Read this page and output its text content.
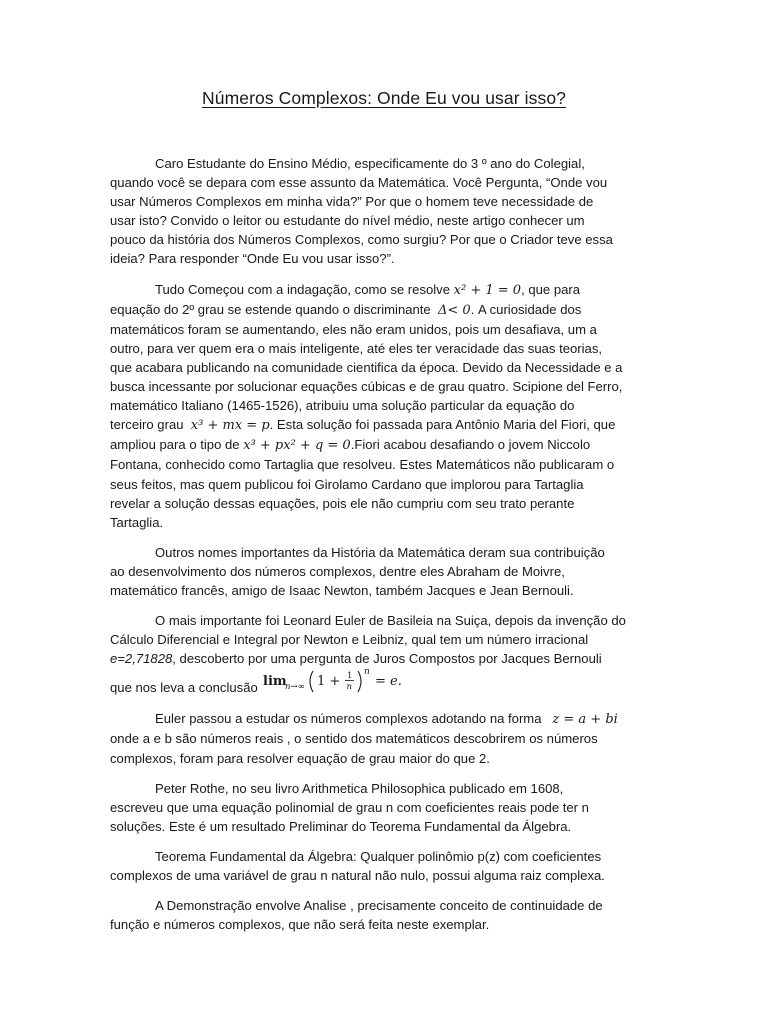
Números Complexos: Onde Eu vou usar isso?
Caro Estudante do Ensino Médio, especificamente do 3 º ano do Colegial,
quando você se depara com esse assunto da Matemática. Você Pergunta, “Onde vou
usar Números Complexos em minha vida?” Por que o homem teve necessidade de
usar isto? Convido o leitor ou estudante do nível médio, neste artigo conhecer um
pouco da história dos Números Complexos, como surgiu? Por que o Criador teve essa
ideia? Para responder “Onde Eu vou usar isso?”.
Tudo Começou com a indagação, como se resolve x² + 1 = 0, que para
equação do 2º grau se estende quando o discriminante Δ< 0. A curiosidade dos
matemáticos foram se aumentando, eles não eram unidos, pois um desafiava, um a
outro, para ver quem era o mais inteligente, até eles ter veracidade das suas teorias,
que acabara publicando na comunidade cientifica da época. Devido da Necessidade e a
busca incessante por solucionar equações cúbicas e de grau quatro. Scipione del Ferro,
matemático Italiano (1465-1526), atribuiu uma solução particular da equação do
terceiro grau x³ + mx = p. Esta solução foi passada para Antônio Maria del Fiori, que
ampliou para o tipo de x³ + px² + q = 0.Fiori acabou desafiando o jovem Niccolo
Fontana, conhecido como Tartaglia que resolveu. Estes Matemáticos não publicaram o
seus feitos, mas quem publicou foi Girolamo Cardano que implorou para Tartaglia
revelar a solução dessas equações, pois ele não cumpriu com seu trato perante
Tartaglia.
Outros nomes importantes da História da Matemática deram sua contribuição
ao desenvolvimento dos números complexos, dentre eles Abraham de Moivre,
matemático francês, amigo de Isaac Newton, também Jacques e Jean Bernouli.
O mais importante foi Leonard Euler de Basileia na Suiça, depois da invenção do
Cálculo Diferencial e Integral por Newton e Leibniz, qual tem um número irracional
e=2,71828, descoberto por uma pergunta de Juros Compostos por Jacques Bernouli
que nos leva a conclusão lim
n→∞ 1 + 1
n
n
= e.
Euler passou a estudar os números complexos adotando na forma z = a + bi
onde a e b são números reais , o sentido dos matemáticos descobrirem os números
complexos, foram para resolver equação de grau maior do que 2.
Peter Rothe, no seu livro Arithmetica Philosophica publicado em 1608,
escreveu que uma equação polinomial de grau n com coeficientes reais pode ter n
soluções. Este é um resultado Preliminar do Teorema Fundamental da Álgebra.
Teorema Fundamental da Álgebra: Qualquer polinômio p(z) com coeficientes
complexos de uma variável de grau n natural não nulo, possui alguma raiz complexa.
A Demonstração envolve Analise , precisamente conceito de continuidade de
função e números complexos, que não será feita neste exemplar.
